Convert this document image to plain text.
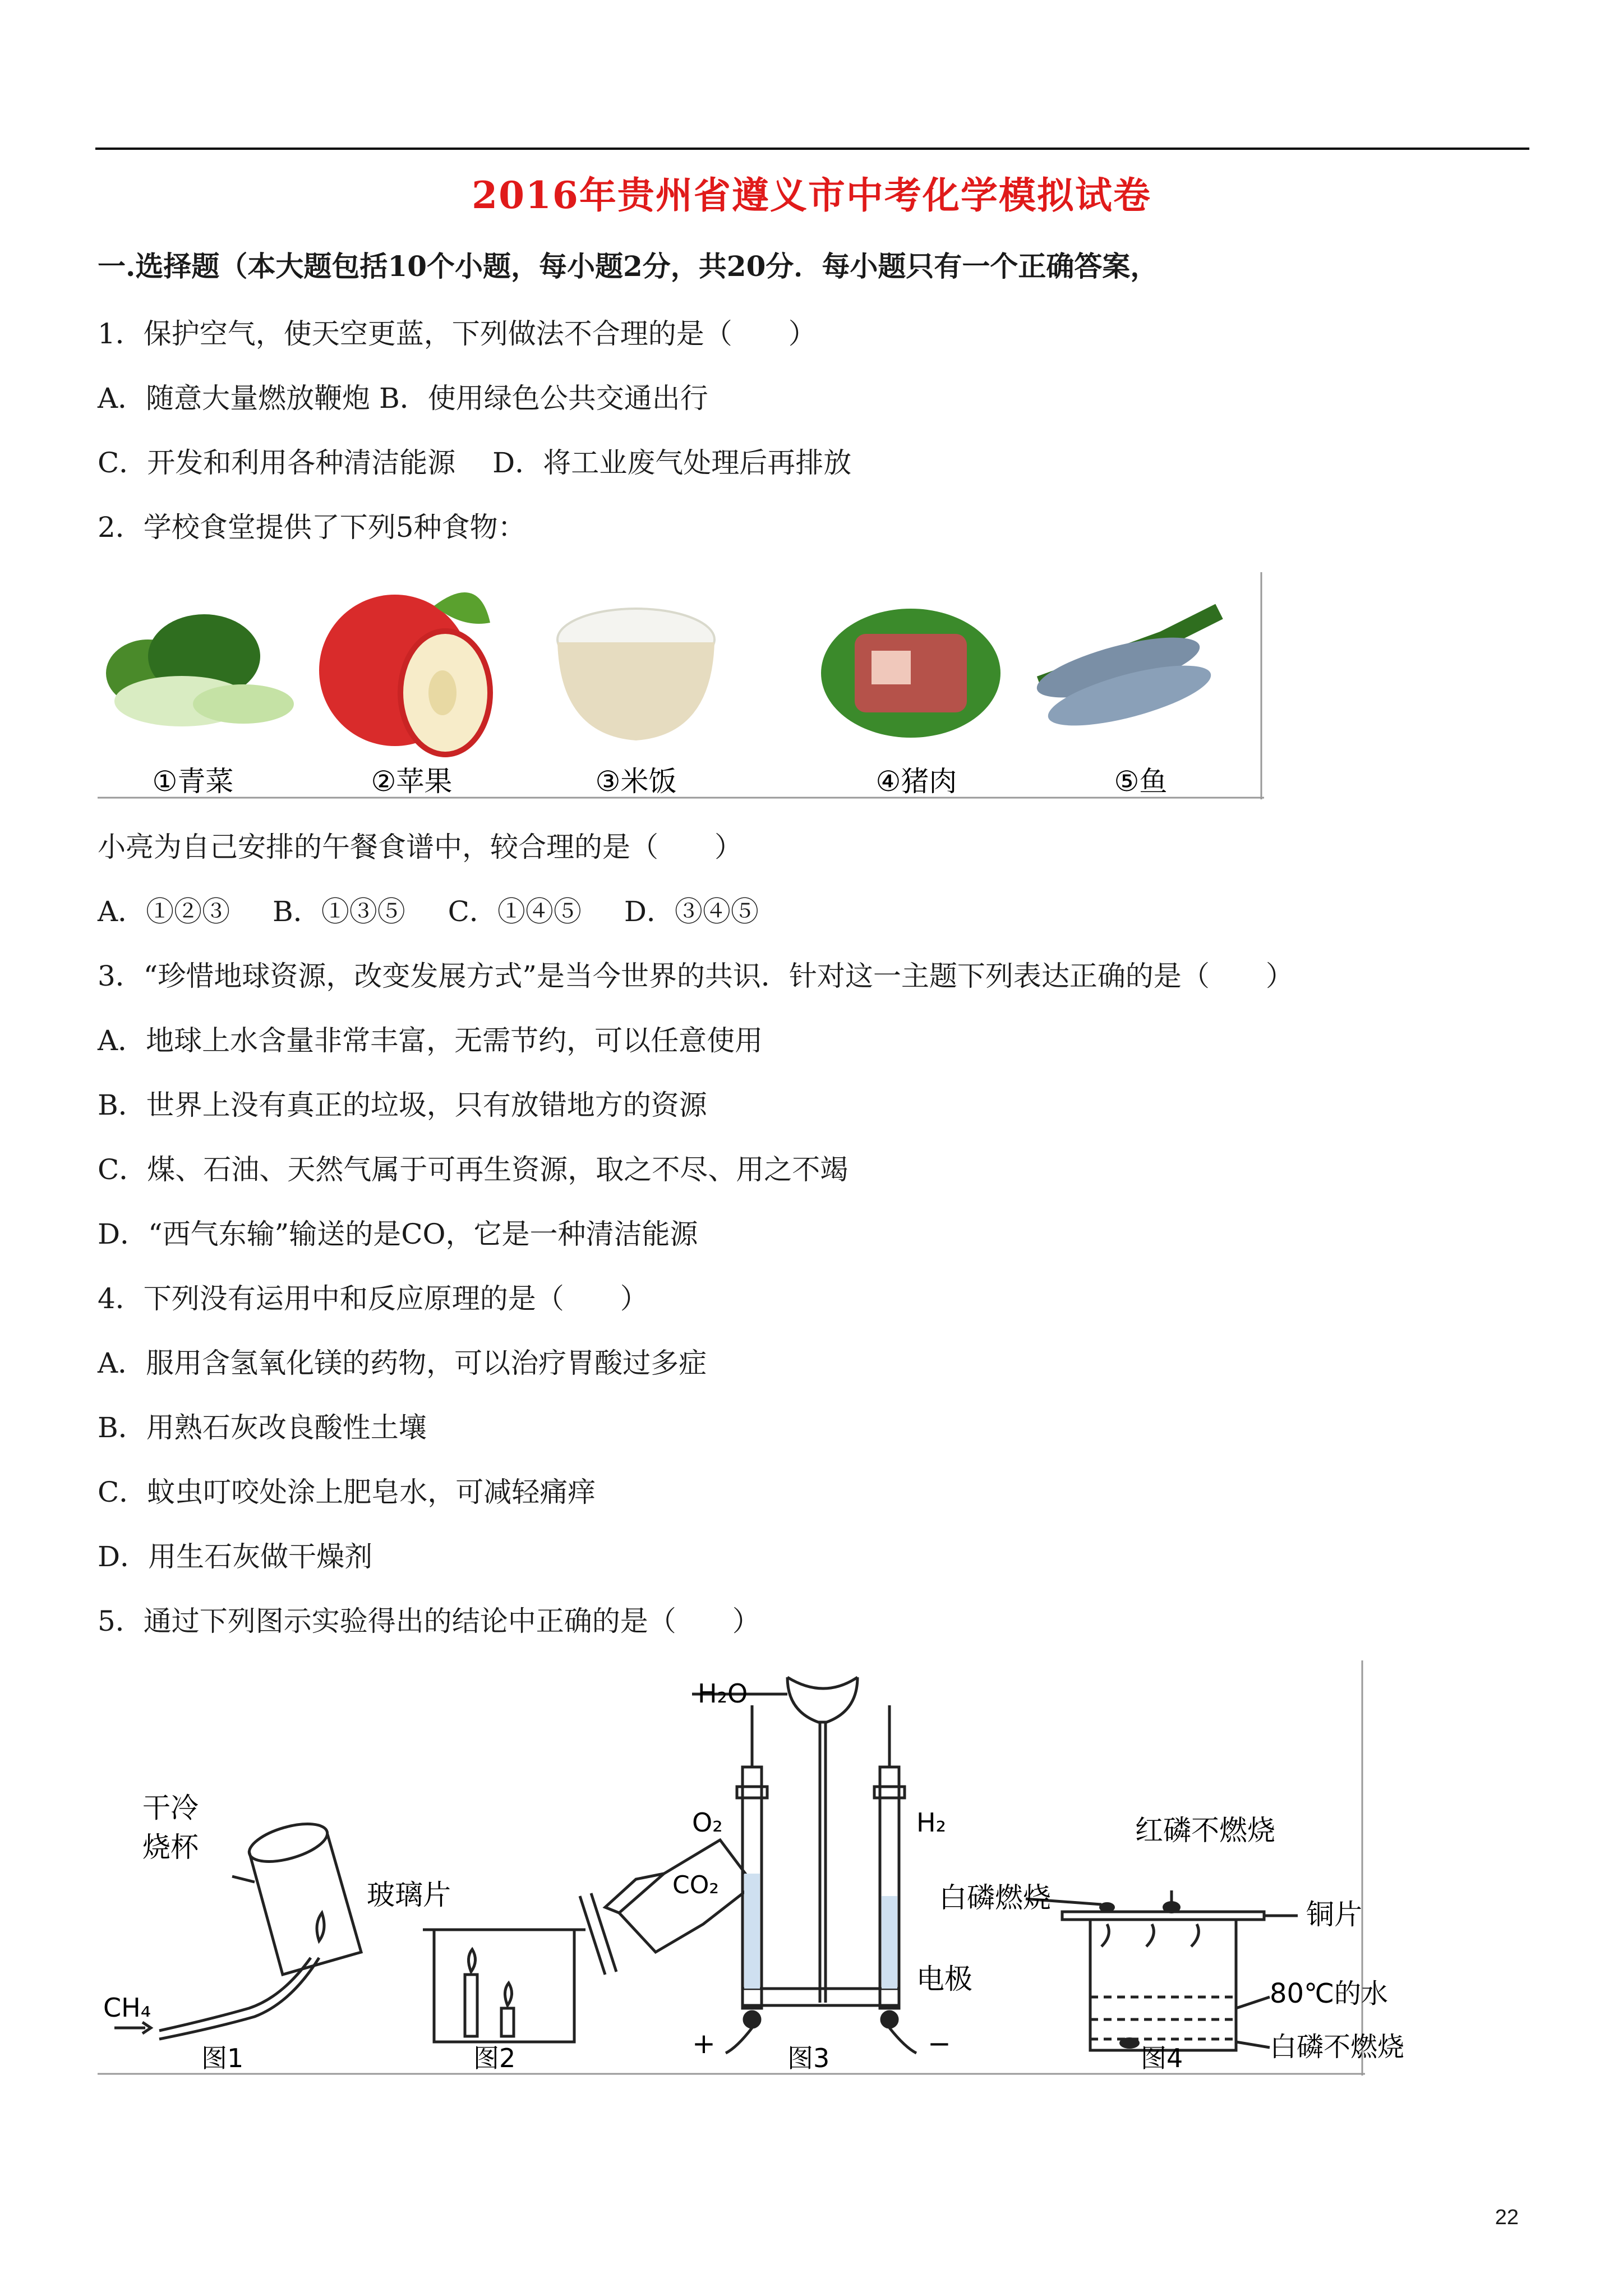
2016年贵州省遵义市中考化学模拟试卷
一.选择题（本大题包括10个小题，每小题2分，共20分．每小题只有一个正确答案，
1．保护空气，使天空更蓝，下列做法不合理的是（　　）
A．随意大量燃放鞭炮 B．使用绿色公共交通出行
C．开发和利用各种清洁能源　 D．将工业废气处理后再排放
2．学校食堂提供了下列5种食物：
①青菜	②苹果	③米饭	④猪肉	⑤鱼
小亮为自己安排的午餐食谱中，较合理的是（　　）
A．①②③ B．①③⑤ C．①④⑤ D．③④⑤
3．“珍惜地球资源，改变发展方式”是当今世界的共识．针对这一主题下列表达正确的是（　　）
A．地球上水含量非常丰富，无需节约，可以任意使用
B．世界上没有真正的垃圾，只有放错地方的资源
C．煤、石油、天然气属于可再生资源，取之不尽、用之不竭
D．“西气东输”输送的是CO，它是一种清洁能源
4．下列没有运用中和反应原理的是（　　）
A．服用含氢氧化镁的药物，可以治疗胃酸过多症
B．用熟石灰改良酸性土壤
C．蚊虫叮咬处涂上肥皂水，可减轻痛痒
D．用生石灰做干燥剂
5．通过下列图示实验得出的结论中正确的是（　　）
干冷
烧杯
CH₄
图1
玻璃片	CO₂
图2
H₂O
O₂	H₂
电极
+	−
图3
红磷不燃烧
白磷燃烧
铜片
80℃的水
白磷不燃烧
图4
22
